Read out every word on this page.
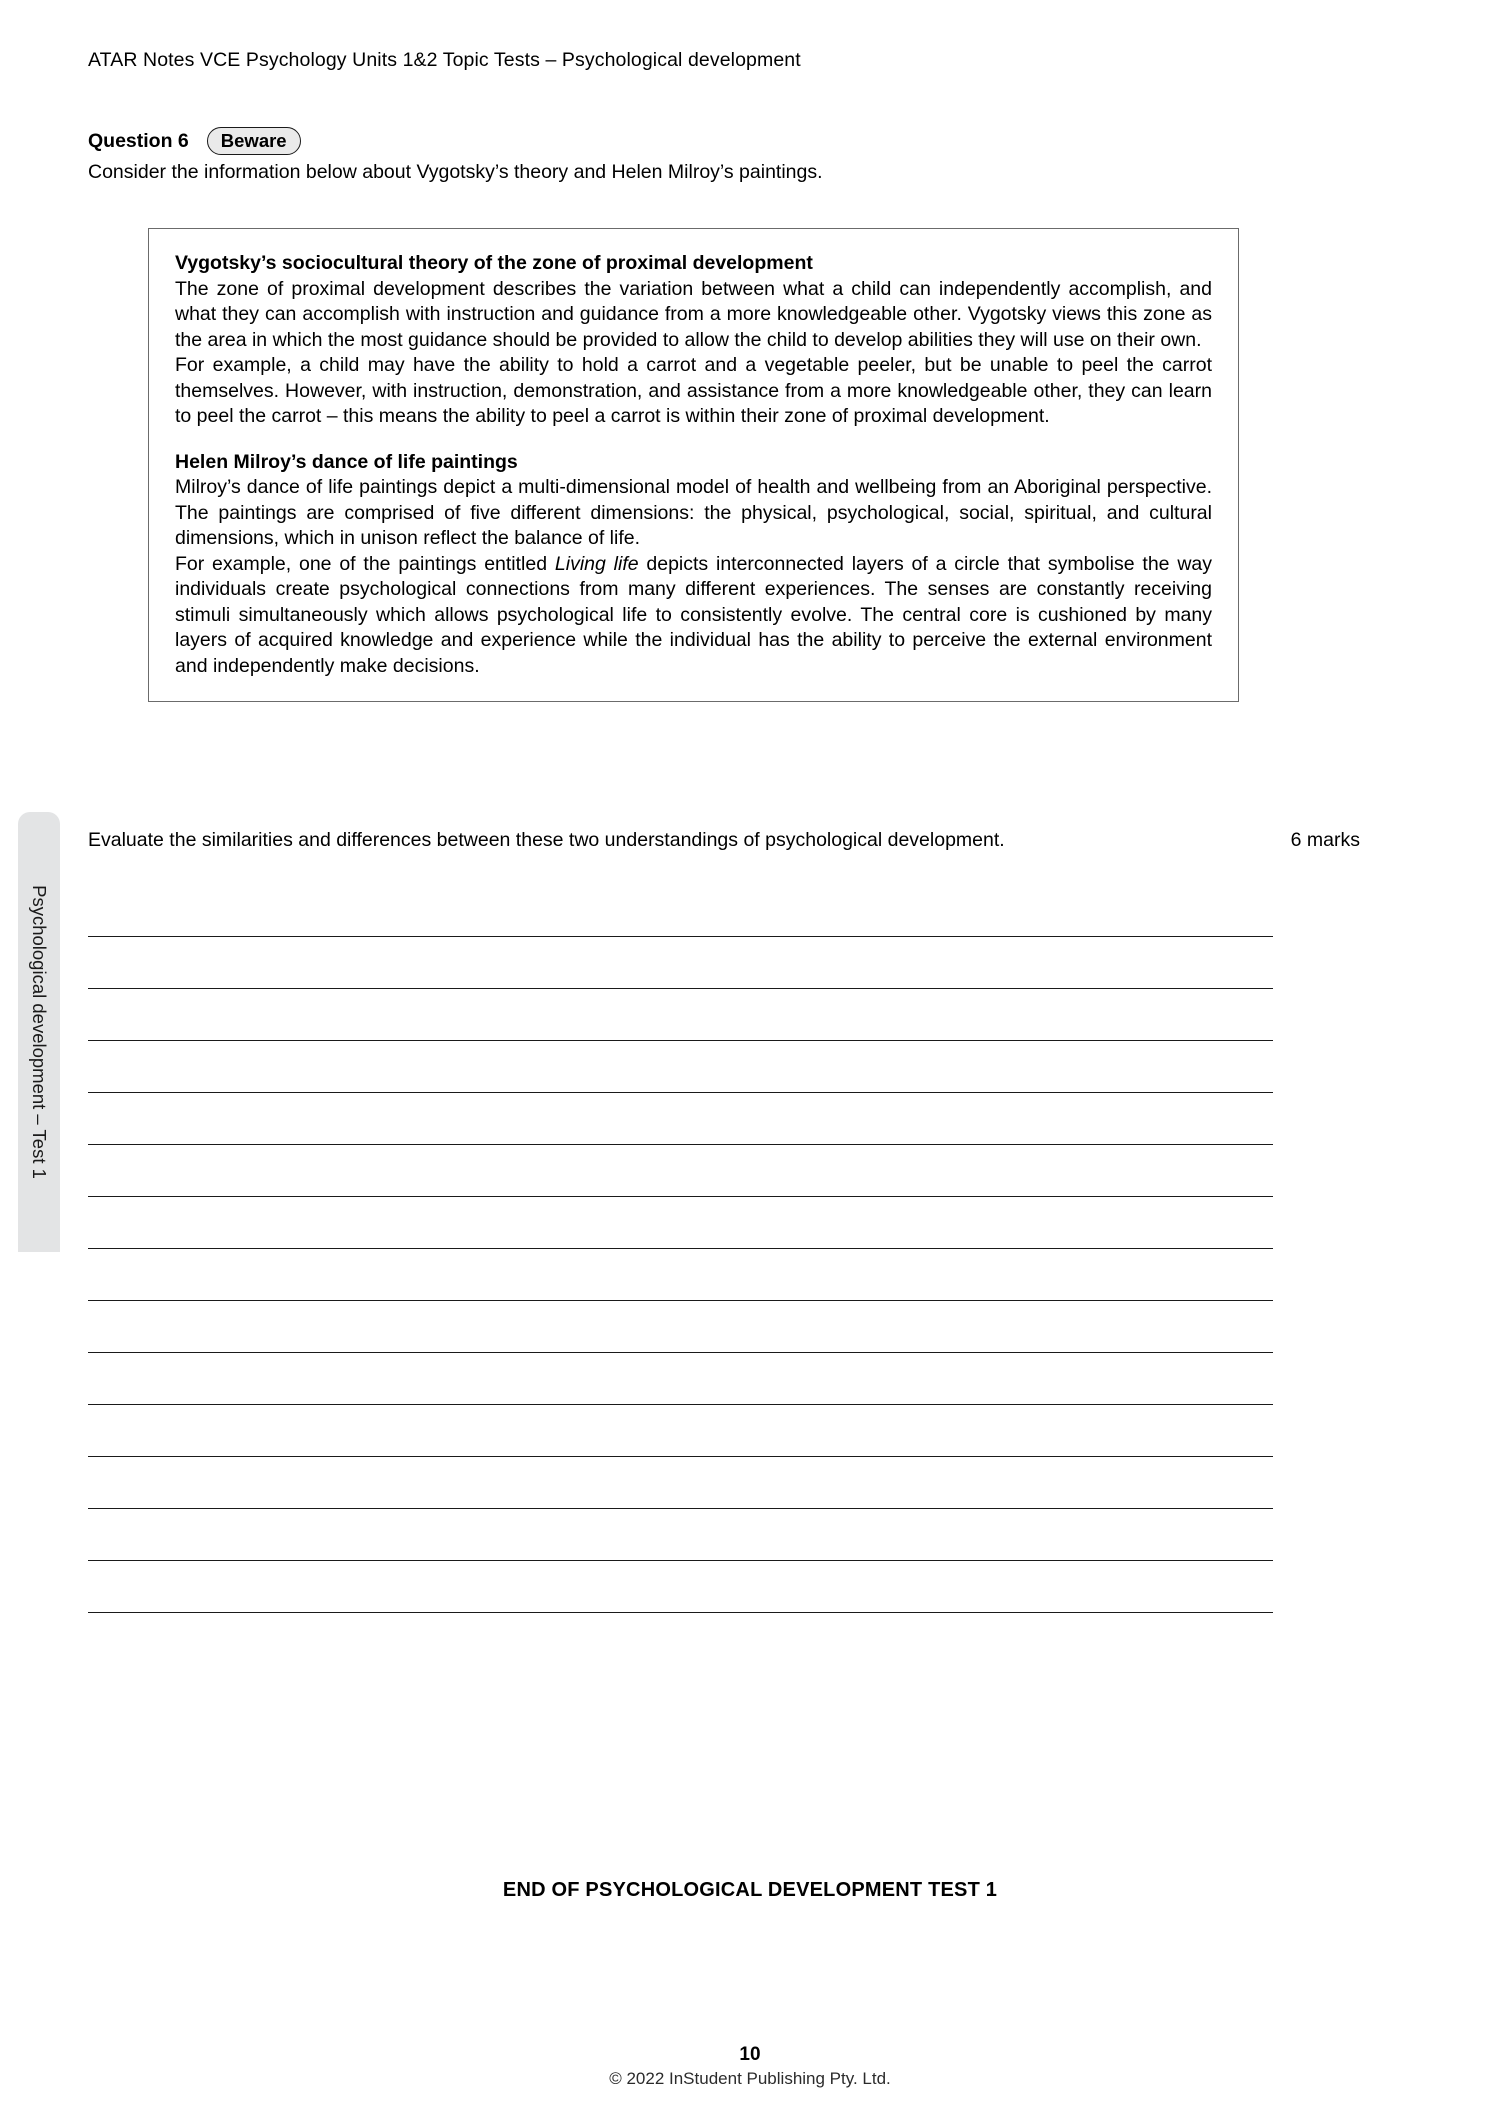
ATAR Notes VCE Psychology Units 1&2 Topic Tests – Psychological development
Question 6	Beware
Consider the information below about Vygotsky’s theory and Helen Milroy’s paintings.
Vygotsky’s sociocultural theory of the zone of proximal development

The zone of proximal development describes the variation between what a child can independently accomplish, and what they can accomplish with instruction and guidance from a more knowledgeable other. Vygotsky views this zone as the area in which the most guidance should be provided to allow the child to develop abilities they will use on their own.

For example, a child may have the ability to hold a carrot and a vegetable peeler, but be unable to peel the carrot themselves. However, with instruction, demonstration, and assistance from a more knowledgeable other, they can learn to peel the carrot – this means the ability to peel a carrot is within their zone of proximal development.

Helen Milroy’s dance of life paintings

Milroy’s dance of life paintings depict a multi-dimensional model of health and wellbeing from an Aboriginal perspective. The paintings are comprised of five different dimensions: the physical, psychological, social, spiritual, and cultural dimensions, which in unison reflect the balance of life.

For example, one of the paintings entitled Living life depicts interconnected layers of a circle that symbolise the way individuals create psychological connections from many different experiences. The senses are constantly receiving stimuli simultaneously which allows psychological life to consistently evolve. The central core is cushioned by many layers of acquired knowledge and experience while the individual has the ability to perceive the external environment and independently make decisions.

Evaluate the similarities and differences between these two understandings of psychological development.	6 marks
Psychological development – Test 1
END OF PSYCHOLOGICAL DEVELOPMENT TEST 1
10
© 2022 InStudent Publishing Pty. Ltd.
